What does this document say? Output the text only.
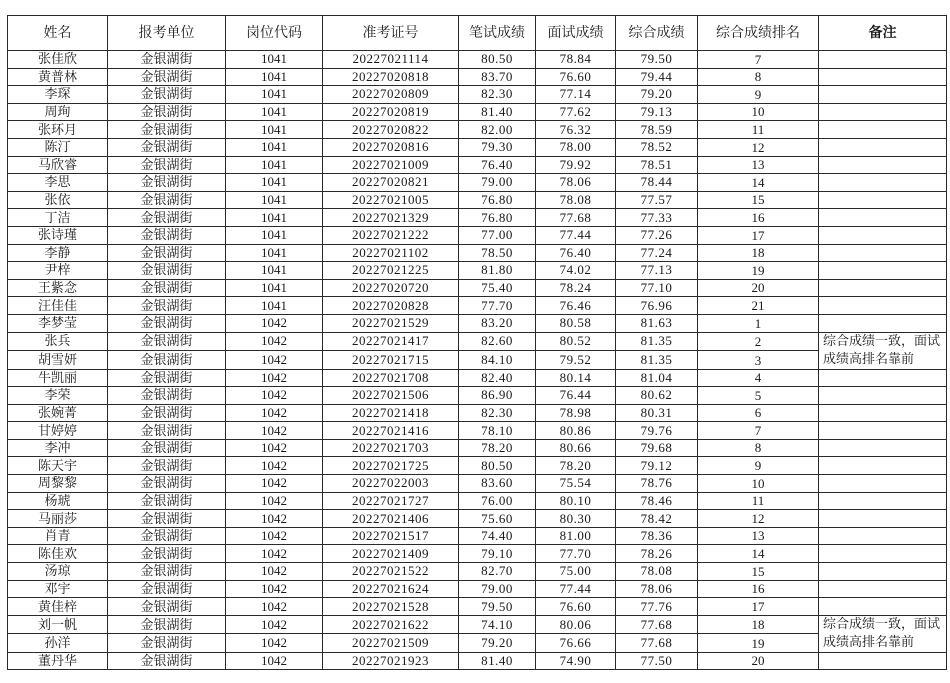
姓名	报考单位	岗位代码	准考证号	笔试成绩	面试成绩	综合成绩	综合成绩排名	备注
张佳欣	金银湖街	1041	20227021114	80.50	78.84	79.50	7	
黄普林	金银湖街	1041	20227020818	83.70	76.60	79.44	8	
李琛	金银湖街	1041	20227020809	82.30	77.14	79.20	9	
周珣	金银湖街	1041	20227020819	81.40	77.62	79.13	10	
张环月	金银湖街	1041	20227020822	82.00	76.32	78.59	11	
陈汀	金银湖街	1041	20227020816	79.30	78.00	78.52	12	
马欣睿	金银湖街	1041	20227021009	76.40	79.92	78.51	13	
李思	金银湖街	1041	20227020821	79.00	78.06	78.44	14	
张依	金银湖街	1041	20227021005	76.80	78.08	77.57	15	
丁洁	金银湖街	1041	20227021329	76.80	77.68	77.33	16	
张诗瑾	金银湖街	1041	20227021222	77.00	77.44	77.26	17	
李静	金银湖街	1041	20227021102	78.50	76.40	77.24	18	
尹梓	金银湖街	1041	20227021225	81.80	74.02	77.13	19	
王紫念	金银湖街	1041	20227020720	75.40	78.24	77.10	20	
汪佳佳	金银湖街	1041	20227020828	77.70	76.46	76.96	21	
李梦莹	金银湖街	1042	20227021529	83.20	80.58	81.63	1	
张兵	金银湖街	1042	20227021417	82.60	80.52	81.35	2	综合成绩一致，面试成绩高排名靠前
胡雪妍	金银湖街	1042	20227021715	84.10	79.52	81.35	3	
牛凯丽	金银湖街	1042	20227021708	82.40	80.14	81.04	4	
李荣	金银湖街	1042	20227021506	86.90	76.44	80.62	5	
张婉菁	金银湖街	1042	20227021418	82.30	78.98	80.31	6	
甘婷婷	金银湖街	1042	20227021416	78.10	80.86	79.76	7	
李冲	金银湖街	1042	20227021703	78.20	80.66	79.68	8	
陈天宇	金银湖街	1042	20227021725	80.50	78.20	79.12	9	
周黎黎	金银湖街	1042	20227022003	83.60	75.54	78.76	10	
杨琥	金银湖街	1042	20227021727	76.00	80.10	78.46	11	
马丽莎	金银湖街	1042	20227021406	75.60	80.30	78.42	12	
肖青	金银湖街	1042	20227021517	74.40	81.00	78.36	13	
陈佳欢	金银湖街	1042	20227021409	79.10	77.70	78.26	14	
汤琼	金银湖街	1042	20227021522	82.70	75.00	78.08	15	
邓宇	金银湖街	1042	20227021624	79.00	77.44	78.06	16	
黄佳梓	金银湖街	1042	20227021528	79.50	76.60	77.76	17	
刘一帆	金银湖街	1042	20227021622	74.10	80.06	77.68	18	综合成绩一致，面试成绩高排名靠前
孙洋	金银湖街	1042	20227021509	79.20	76.66	77.68	19	
董丹华	金银湖街	1042	20227021923	81.40	74.90	77.50	20	
